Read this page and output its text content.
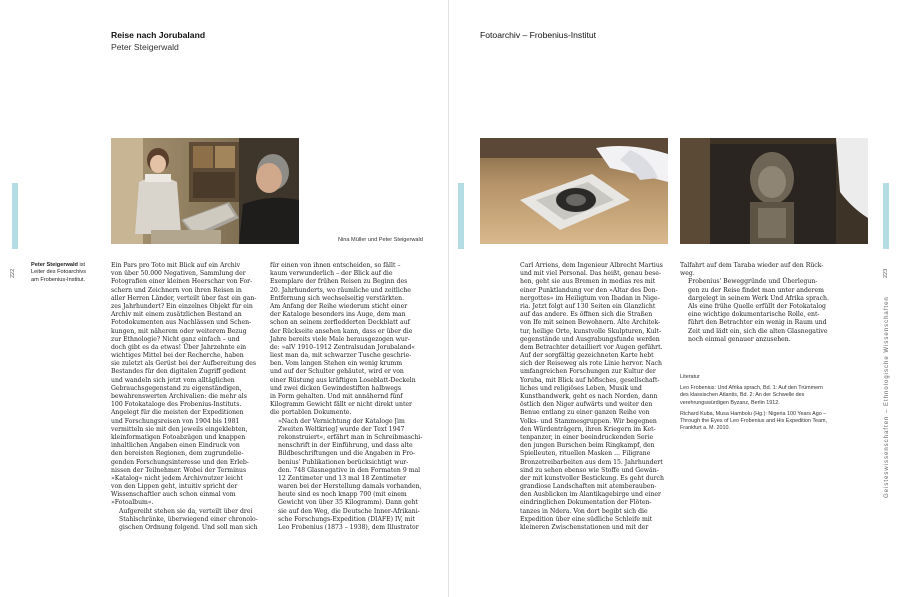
Reise nach Jorubaland
Peter Steigerwald
222
Peter Steigerwald ist Leiter des Fotoarchivs am Frobenius-Institut.
Nina Müller und Peter Steigerwald

Ein Pars pro Toto mit Blick auf ein Archiv
von über 50.000 Negativen, Sammlung der
Fotografien einer kleinen Heerschar von For-
schern und Zeichnern von ihren Reisen in
aller Herren Länder, verteilt über fast ein gan-
zes Jahrhundert? Ein einzelnes Objekt für ein
Archiv mit einem zusätzlichen Bestand an
Fotodokumenten aus Nachlässen und Schen-
kungen, mit näherem oder weiterem Bezug
zur Ethnologie? Nicht ganz einfach – und
doch gibt es da etwas! Über Jahrzehnte ein
wichtiges Mittel bei der Recherche, haben
sie zuletzt als Gerüst bei der Aufbereitung des
Bestandes für den digitalen Zugriff gedient
und wandeln sich jetzt vom alltäglichen
Gebrauchsgegenstand zu eigenständigen,
bewahrenswerten Archivalien: die mehr als
100 Fotokataloge des Frobenius-Instituts.
Angelegt für die meisten der Expeditionen
und Forschungsreisen von 1904 bis 1981
vermitteln sie mit den jeweils eingeklebten,
kleinformatigen Fotoabzügen und knappen
inhaltlichen Angaben einen Eindruck von
den bereisten Regionen, dem zugrundelie-
genden Forschungsinteresse und den Erleb-
nissen der Teilnehmer. Wobei der Terminus
»Katalog« nicht jedem Archivnutzer leicht
von den Lippen geht, intuitiv spricht der
Wissenschaftler auch schon einmal vom
»Fotoalbum«.

Aufgereiht stehen sie da, verteilt über drei
Stahlschränke, überwiegend einer chronolo-
gischen Ordnung folgend. Und soll man sich

für einen von ihnen entscheiden, so fällt –
kaum verwunderlich – der Blick auf die
Exemplare der frühen Reisen zu Beginn des
20. Jahrhunderts, wo räumliche und zeitliche
Entfernung sich wechselseitig verstärkten.
Am Anfang der Reihe wiederum sticht einer
der Kataloge besonders ins Auge, dem man
schon an seinem zerfledderten Deckblatt auf
der Rückseite ansehen kann, dass er über die
Jahre bereits viele Male herausgezogen wur-
de: »alV 1910–1912 Zentralsudan Jorubaland«
liest man da, mit schwarzer Tusche geschrie-
ben. Vom langen Stehen ein wenig krumm
und auf der Schulter gehäutet, wird er von
einer Rüstung aus kräftigen Loseblatt-Deckeln
und zwei dicken Gewindestiften halbwegs
in Form gehalten. Und mit annähernd fünf
Kilogramm Gewicht fällt er nicht direkt unter
die portablen Dokumente.

»Nach der Vernichtung der Kataloge [im
Zweiten Weltkrieg] wurde der Text 1947
rekonstruiert«, erfährt man in Schreibmaschi-
nenschrift in der Einführung, und dass alte
Bildbeschriftungen und die Angaben in Fro-
benius' Publikationen berücksichtigt wur-
den. 748 Glasnegative in den Formaten 9 mal
12 Zentimeter und 13 mal 18 Zentimeter
waren bei der Herstellung damals vorhanden,
heute sind es noch knapp 700 (mit einem
Gewicht von über 35 Kilogramm). Dann geht
sie auf den Weg, die Deutsche Inner-Afrikani-
sche Forschungs-Expedition (DIAFE) IV, mit
Leo Frobenius (1873 – 1938), dem Illustrator

Fotoarchiv – Frobenius-Institut
223
Geisteswissenschaften – Ethnologische Wissenschaften

Carl Arriens, dem Ingenieur Albrecht Martius
und mit viel Personal. Das heißt, genau bese-
hen, geht sie aus Bremen in medias res mit
einer Punktlandung vor den »Altar des Don-
nergottes« im Heiligtum von Ibadan in Nige-
ria. Jetzt folgt auf 130 Seiten ein Glanzlicht
auf das andere. Es öffnen sich die Straßen
von Ife mit seinen Bewohnern. Alte Architek-
tur, heilige Orte, kunstvolle Skulpturen, Kult-
gegenstände und Ausgrabungsfunde werden
dem Betrachter detailliert vor Augen geführt.
Auf der sorgfältig gezeichneten Karte hebt
sich der Reiseweg als rote Linie hervor. Nach
umfangreichen Forschungen zur Kultur der
Yoruba, mit Blick auf höfisches, gesellschaft-
liches und religiöses Leben, Musik und
Kunsthandwerk, geht es nach Norden, dann
östlich den Niger aufwärts und weiter den
Benue entlang zu einer ganzen Reihe von
Volks- und Stammesgruppen. Wir begegnen
den Würdenträgern, ihren Kriegern im Ket-
tenpanzer, in einer beeindruckenden Serie
den jungen Burschen beim Ringkampf, den
Spielleuten, rituellen Masken … Filigrane
Bronzetreibarbeiten aus dem 15. Jahrhundert
sind zu sehen ebenso wie Stoffe und Gewän-
der mit kunstvoller Bestickung. Es geht durch
grandiose Landschaften mit atemberauben-
den Ausblicken im Alantikagebirge und einer
eindringlichen Dokumentation der Flöten-
tanzes in Ndera. Von dort begibt sich die
Expedition über eine südliche Schleife mit
kleineren Zwischenstationen und mit der

Talfahrt auf dem Taraba wieder auf den Rück-
weg.

Frobenius' Beweggründe und Überlegun-
gen zu der Reise findet man unter anderem
dargelegt in seinem Werk Und Afrika sprach.
Als eine frühe Quelle erfüllt der Fotokatalog
eine wichtige dokumentarische Rolle, ent-
führt den Betrachter ein wenig in Raum und
Zeit und lädt ein, sich die alten Glasnegative
noch einmal genauer anzusehen.

Literatur

Leo Frobenius: Und Afrika sprach, Bd. 1: Auf den Trümmern des klassischen Atlantis, Bd. 2: An der Schwelle des verehrungswürdigen Byzanz, Berlin 1912.

Richard Kuba, Musa Hambolu (Hg.): Nigeria 100 Years Ago – Through the Eyes of Leo Frobenius and His Expedition Team, Frankfurt a. M. 2010.
